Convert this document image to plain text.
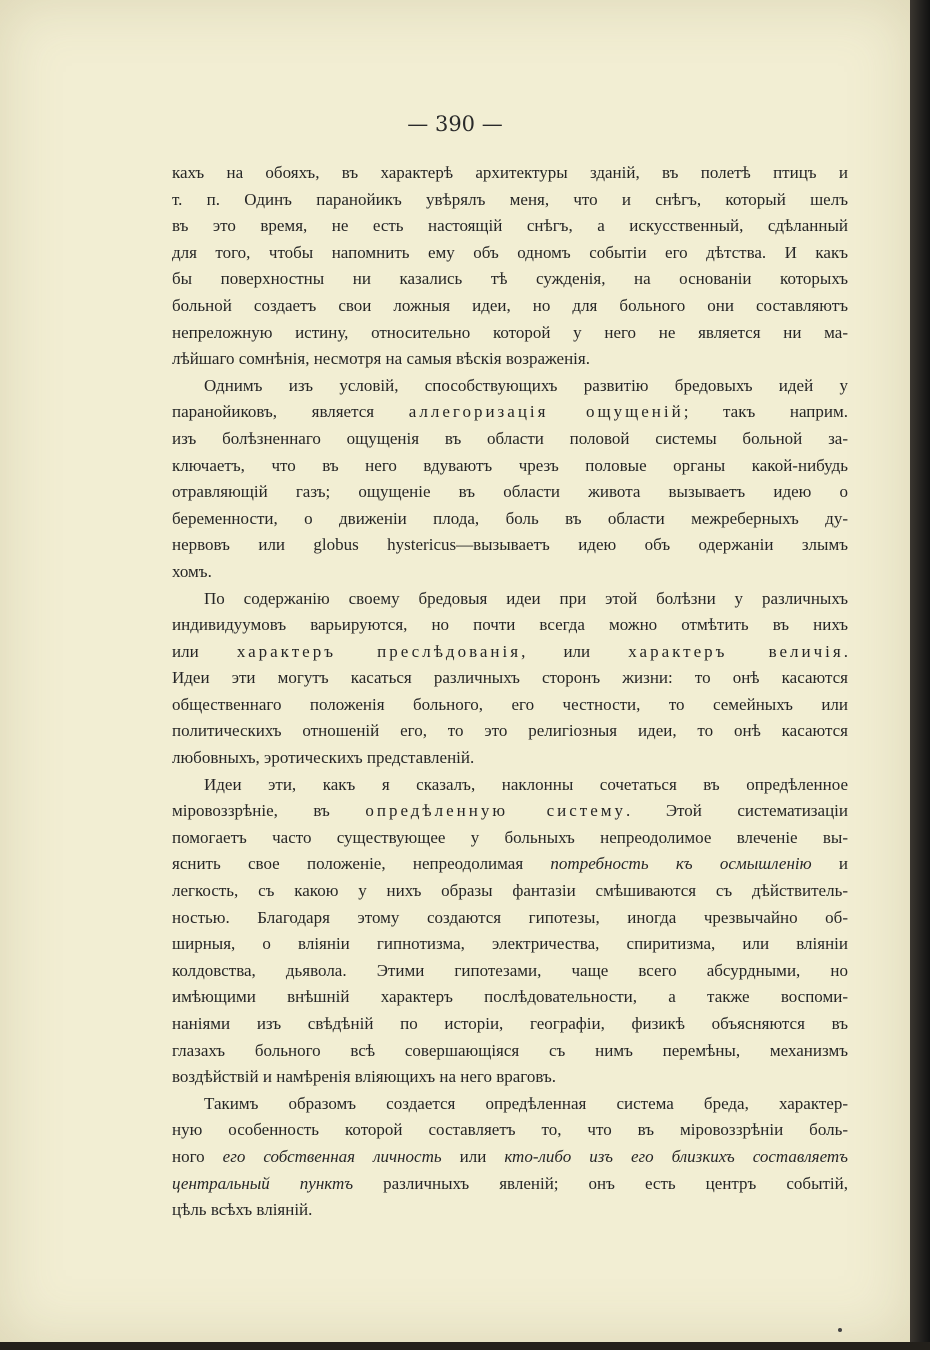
— 390 —
кахъ на обояхъ, въ характерѣ архитектуры зданій, въ полетѣ птицъ и
т. п. Одинъ паранойикъ увѣрялъ меня, что и снѣгъ, который шелъ
въ это время, не есть настоящій снѣгъ, а искусственный, сдѣланный
для того, чтобы напомнить ему объ одномъ событіи его дѣтства. И какъ
бы поверхностны ни казались тѣ сужденія, на основаніи которыхъ
больной создаетъ свои ложныя идеи, но для больного они составляютъ
непреложную истину, относительно которой у него не является ни ма-
лѣйшаго сомнѣнія, несмотря на самыя вѣскія возраженія.
Однимъ изъ условій, способствующихъ развитію бредовыхъ идей у
паранойиковъ, является аллегоризація ощущеній; такъ наприм.
изъ болѣзненнаго ощущенія въ области половой системы больной за-
ключаетъ, что въ него вдуваютъ чрезъ половые органы какой-нибудь
отравляющій газъ; ощущеніе въ области живота вызываетъ идею о
беременности, о движеніи плода, боль въ области межреберныхъ ду-
нервовъ или globus hystericus—вызываетъ идею объ одержаніи злымъ
хомъ.
По содержанію своему бредовыя идеи при этой болѣзни у различныхъ
индивидуумовъ варьируются, но почти всегда можно отмѣтить въ нихъ
или характеръ преслѣдованія, или характеръ величія.
Идеи эти могутъ касаться различныхъ сторонъ жизни: то онѣ касаются
общественнаго положенія больного, его честности, то семейныхъ или
политическихъ отношеній его, то это религіозныя идеи, то онѣ касаются
любовныхъ, эротическихъ представленій.
Идеи эти, какъ я сказалъ, наклонны сочетаться въ опредѣленное
міровоззрѣніе, въ опредѣленную систему. Этой систематизаціи
помогаетъ часто существующее у больныхъ непреодолимое влеченіе вы-
яснить свое положеніе, непреодолимая потребность къ осмышленію и
легкость, съ какою у нихъ образы фантазіи смѣшиваются съ дѣйствитель-
ностью. Благодаря этому создаются гипотезы, иногда чрезвычайно об-
ширныя, о вліяніи гипнотизма, электричества, спиритизма, или вліяніи
колдовства, дьявола. Этими гипотезами, чаще всего абсурдными, но
имѣющими внѣшній характеръ послѣдовательности, а также воспоми-
наніями изъ свѣдѣній по исторіи, географіи, физикѣ объясняются въ
глазахъ больного всѣ совершающіяся съ нимъ перемѣны, механизмъ
воздѣйствій и намѣренія вліяющихъ на него враговъ.
Такимъ образомъ создается опредѣленная система бреда, характер-
ную особенность которой составляетъ то, что въ міровоззрѣніи боль-
ного его собственная личность или кто-либо изъ его близкихъ составляетъ
центральный пунктъ различныхъ явленій; онъ есть центръ событій,
цѣль всѣхъ вліяній.
